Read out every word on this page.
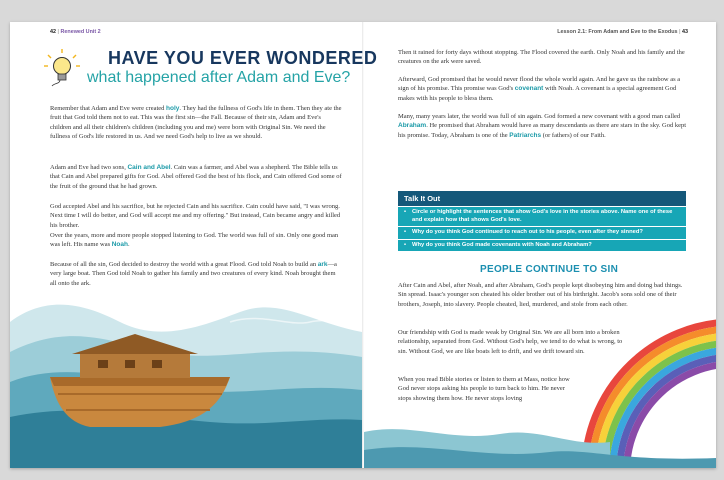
42 | Renewed Unit 2
HAVE YOU EVER WONDERED
what happened after Adam and Eve?
Remember that Adam and Eve were created holy. They had the fullness of God's life in them. Then they ate the fruit that God told them not to eat. This was the first sin—the Fall. Because of their sin, Adam and Eve's children and all their children's children (including you and me) were born with Original Sin. We need the fullness of God's life restored in us. And we need God's help to live as we should.
Adam and Eve had two sons, Cain and Abel. Cain was a farmer, and Abel was a shepherd. The Bible tells us that Cain and Abel prepared gifts for God. Abel offered God the best of his flock, and Cain offered God some of the fruit of the ground that he had grown.
God accepted Abel and his sacrifice, but he rejected Cain and his sacrifice. Cain could have said, "I was wrong. Next time I will do better, and God will accept me and my offering." But instead, Cain became angry and killed his brother.
Over the years, more and more people stopped listening to God. The world was full of sin. Only one good man was left. His name was Noah.
Because of all the sin, God decided to destroy the world with a great Flood. God told Noah to build an ark—a very large boat. Then God told Noah to gather his family and two creatures of every kind. Noah brought them all onto the ark.
Lesson 2.1: From Adam and Eve to the Exodus | 43
Then it rained for forty days without stopping. The Flood covered the earth. Only Noah and his family and the creatures on the ark were saved.
Afterward, God promised that he would never flood the whole world again. And he gave us the rainbow as a sign of his promise. This promise was God's covenant with Noah. A covenant is a special agreement God makes with his people to bless them.
Many, many years later, the world was full of sin again. God formed a new covenant with a good man called Abraham. He promised that Abraham would have as many descendants as there are stars in the sky. God kept his promise. Today, Abraham is one of the Patriarchs (or fathers) of our Faith.
Talk It Out
• Circle or highlight the sentences that show God's love in the stories above. Name one of these and explain how that shows God's love.
• Why do you think God continued to reach out to his people, even after they sinned?
• Why do you think God made covenants with Noah and Abraham?
PEOPLE CONTINUE TO SIN
After Cain and Abel, after Noah, and after Abraham, God's people kept disobeying him and doing bad things. Sin spread. Isaac's younger son cheated his older brother out of his birthright. Jacob's sons sold one of their brothers, Joseph, into slavery. People cheated, lied, murdered, and stole from each other.
Our friendship with God is made weak by Original Sin. We are all born into a broken relationship, separated from God. Without God's help, we tend to do what is wrong, to sin. Without God, we are like boats left to drift, and we drift toward sin.
When you read Bible stories or listen to them at Mass, notice how God never stops asking his people to turn back to him. He never stops showing them how. He never stops loving
